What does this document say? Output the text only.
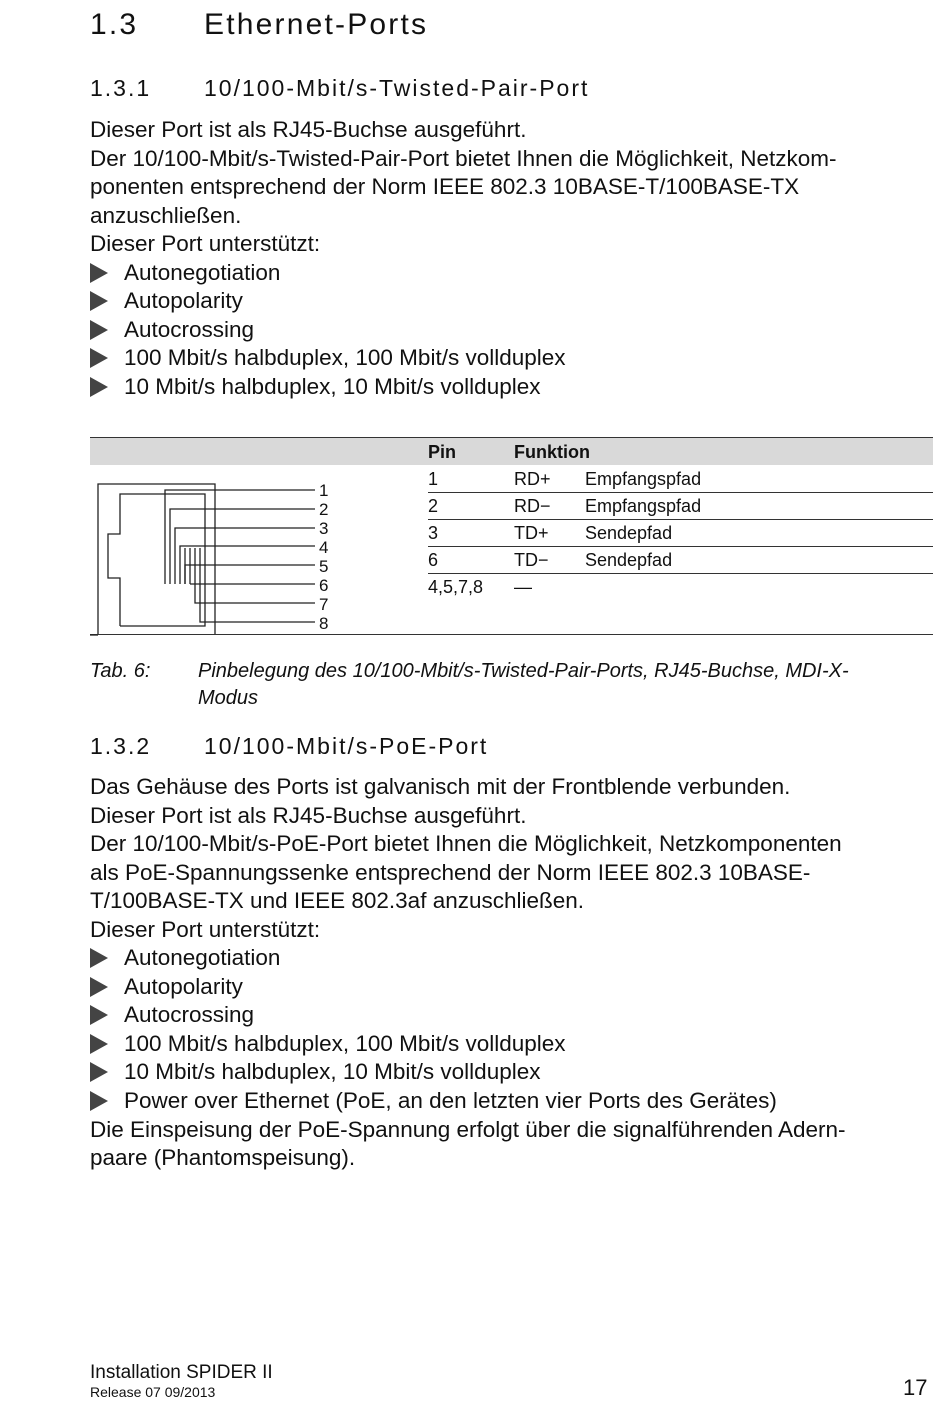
1.3 Ethernet-Ports
1.3.1 10/100-Mbit/s-Twisted-Pair-Port
Dieser Port ist als RJ45-Buchse ausgeführt.
Der 10/100-Mbit/s-Twisted-Pair-Port bietet Ihnen die Möglichkeit, Netzkom-
ponenten entsprechend der Norm IEEE 802.3 10BASE-T/100BASE-TX
anzuschließen.
Dieser Port unterstützt:
Autonegotiation
Autopolarity
Autocrossing
100 Mbit/s halbduplex, 100 Mbit/s vollduplex
10 Mbit/s halbduplex, 10 Mbit/s vollduplex
Pin	Funktion
1	RD+ Empfangspfad
2	RD− Empfangspfad
3	TD+ Sendepfad
6	TD− Sendepfad
4,5,7,8 —
1
2
3
4
5
6
7
8
Tab. 6: Pinbelegung des 10/100-Mbit/s-Twisted-Pair-Ports, RJ45-Buchse, MDI-X-
Modus
1.3.2 10/100-Mbit/s-PoE-Port
Das Gehäuse des Ports ist galvanisch mit der Frontblende verbunden.
Dieser Port ist als RJ45-Buchse ausgeführt.
Der 10/100-Mbit/s-PoE-Port bietet Ihnen die Möglichkeit, Netzkomponenten
als PoE-Spannungssenke entsprechend der Norm IEEE 802.3 10BASE-
T/100BASE-TX und IEEE 802.3af anzuschließen.
Dieser Port unterstützt:
Autonegotiation
Autopolarity
Autocrossing
100 Mbit/s halbduplex, 100 Mbit/s vollduplex
10 Mbit/s halbduplex, 10 Mbit/s vollduplex
Power over Ethernet (PoE, an den letzten vier Ports des Gerätes)
Die Einspeisung der PoE-Spannung erfolgt über die signalführenden Adern-
paare (Phantomspeisung).
Installation SPIDER II
Release 07 09/2013	17
